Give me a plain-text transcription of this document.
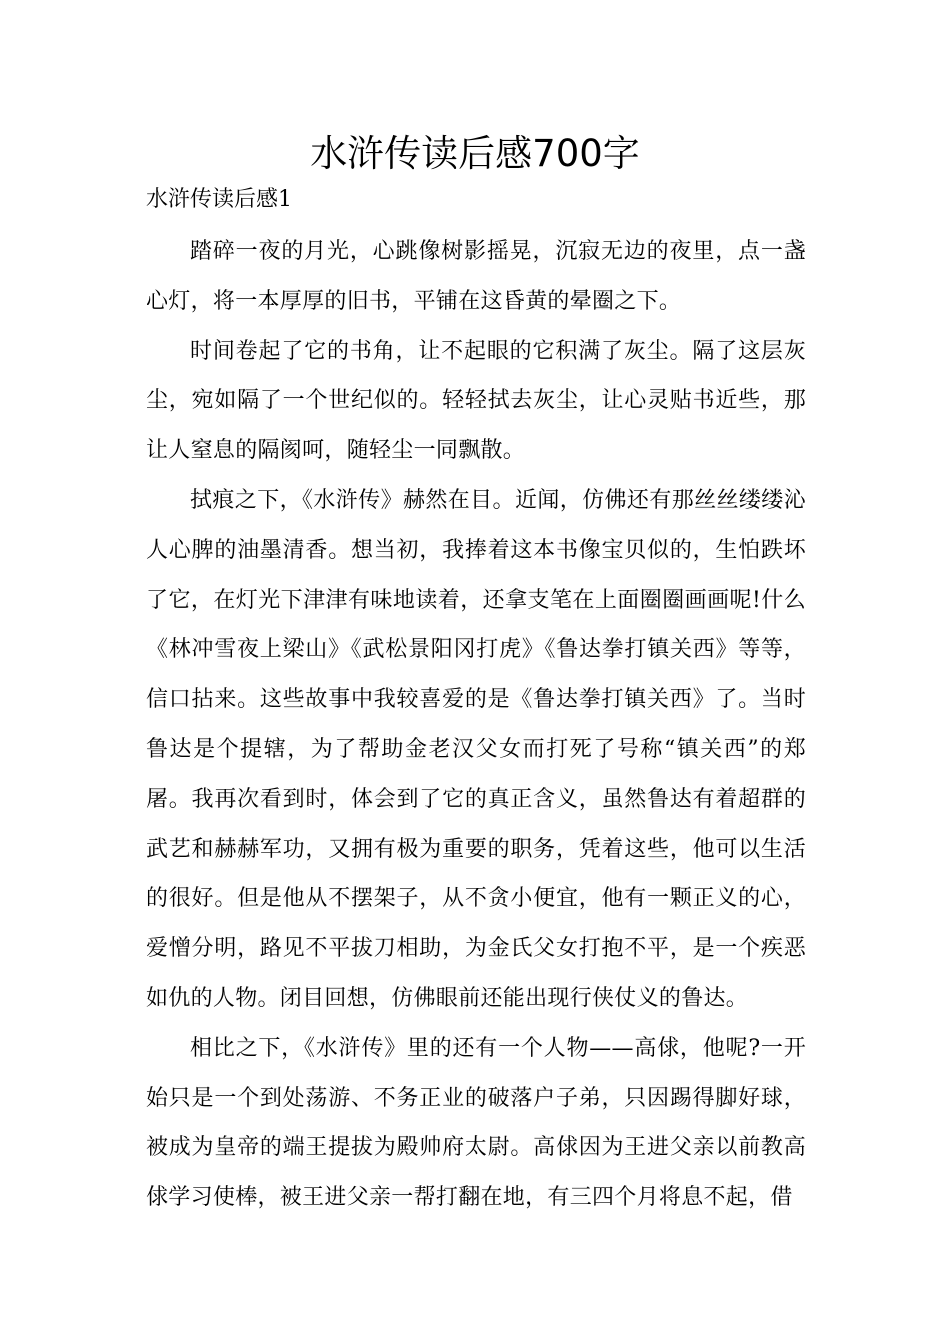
水浒传读后感700字
水浒传读后感1

踏碎一夜的月光，心跳像树影摇晃，沉寂无边的夜里，点一盏心灯，将一本厚厚的旧书，平铺在这昏黄的晕圈之下。

时间卷起了它的书角，让不起眼的它积满了灰尘。隔了这层灰尘，宛如隔了一个世纪似的。轻轻拭去灰尘，让心灵贴书近些，那让人窒息的隔阂呵，随轻尘一同飘散。

拭痕之下，《水浒传》赫然在目。近闻，仿佛还有那丝丝缕缕沁人心脾的油墨清香。想当初，我捧着这本书像宝贝似的，生怕跌坏了它，在灯光下津津有味地读着，还拿支笔在上面圈圈画画呢!什么《林冲雪夜上梁山》《武松景阳冈打虎》《鲁达拳打镇关西》等等，信口拈来。这些故事中我较喜爱的是《鲁达拳打镇关西》了。当时鲁达是个提辖，为了帮助金老汉父女而打死了号称“镇关西”的郑屠。我再次看到时，体会到了它的真正含义，虽然鲁达有着超群的武艺和赫赫军功，又拥有极为重要的职务，凭着这些，他可以生活的很好。但是他从不摆架子，从不贪小便宜，他有一颗正义的心，爱憎分明，路见不平拔刀相助，为金氏父女打抱不平，是一个疾恶如仇的人物。闭目回想，仿佛眼前还能出现行侠仗义的鲁达。

相比之下，《水浒传》里的还有一个人物——高俅，他呢?一开始只是一个到处荡游、不务正业的破落户子弟，只因踢得脚好球，被成为皇帝的端王提拔为殿帅府太尉。高俅因为王进父亲以前教高俅学习使棒，被王进父亲一帮打翻在地，有三四个月将息不起，借
